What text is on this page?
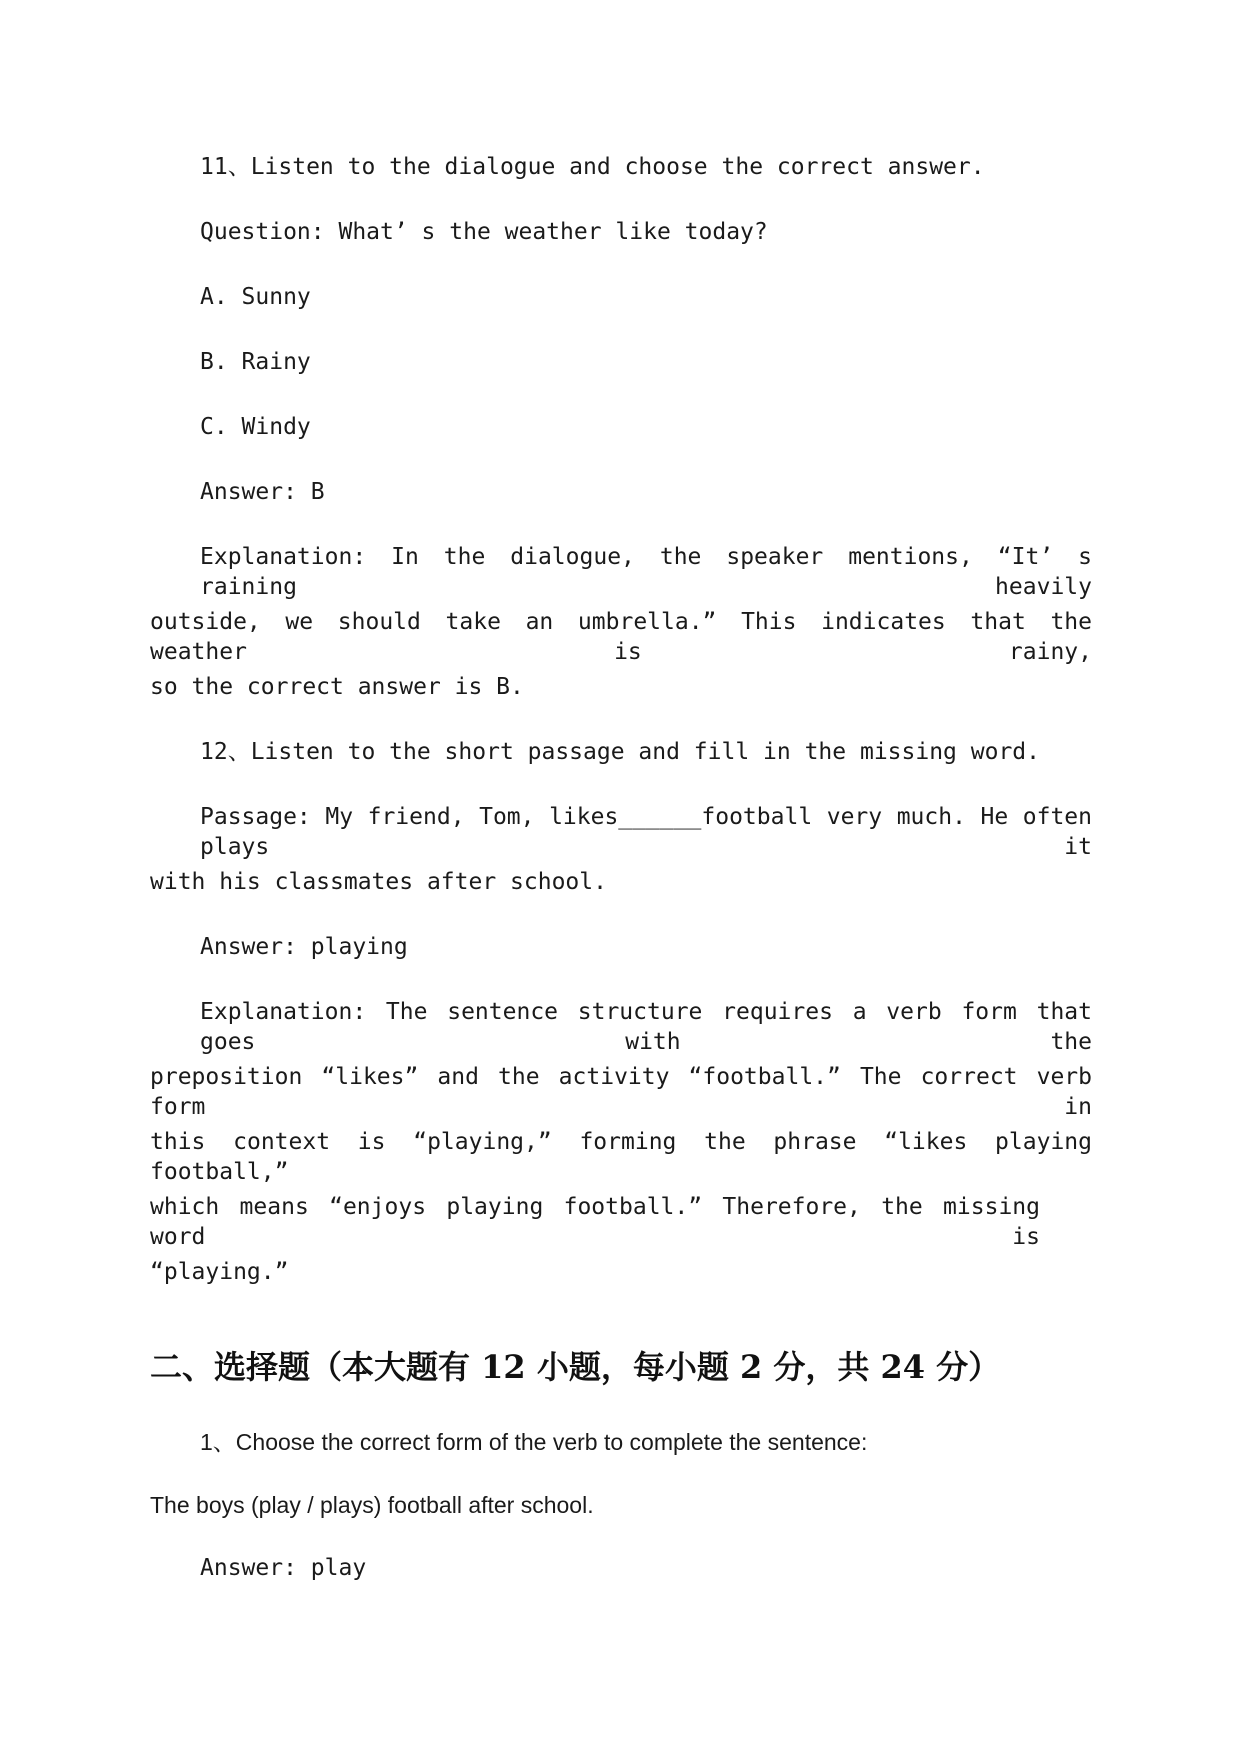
11、Listen to the dialogue and choose the correct answer.
Question: What’ s the weather like today?
A. Sunny
B. Rainy
C. Windy
Answer: B
Explanation: In the dialogue, the speaker mentions, “It’ s raining heavily
outside, we should take an umbrella.” This indicates that the weather is rainy,
so the correct answer is B.
12、Listen to the short passage and fill in the missing word.
Passage: My friend, Tom, likes______football very much. He often plays it
with his classmates after school.
Answer: playing
Explanation: The sentence structure requires a verb form that goes with the
preposition “likes” and the activity “football.” The correct verb form in
this context is “playing,” forming the phrase “likes playing football,”
which means “enjoys playing football.” Therefore, the missing word is
“playing.”
二、选择题（本大题有 12 小题，每小题 2 分，共 24 分）
1、Choose the correct form of the verb to complete the sentence:
The boys (play / plays) football after school.
Answer: play
